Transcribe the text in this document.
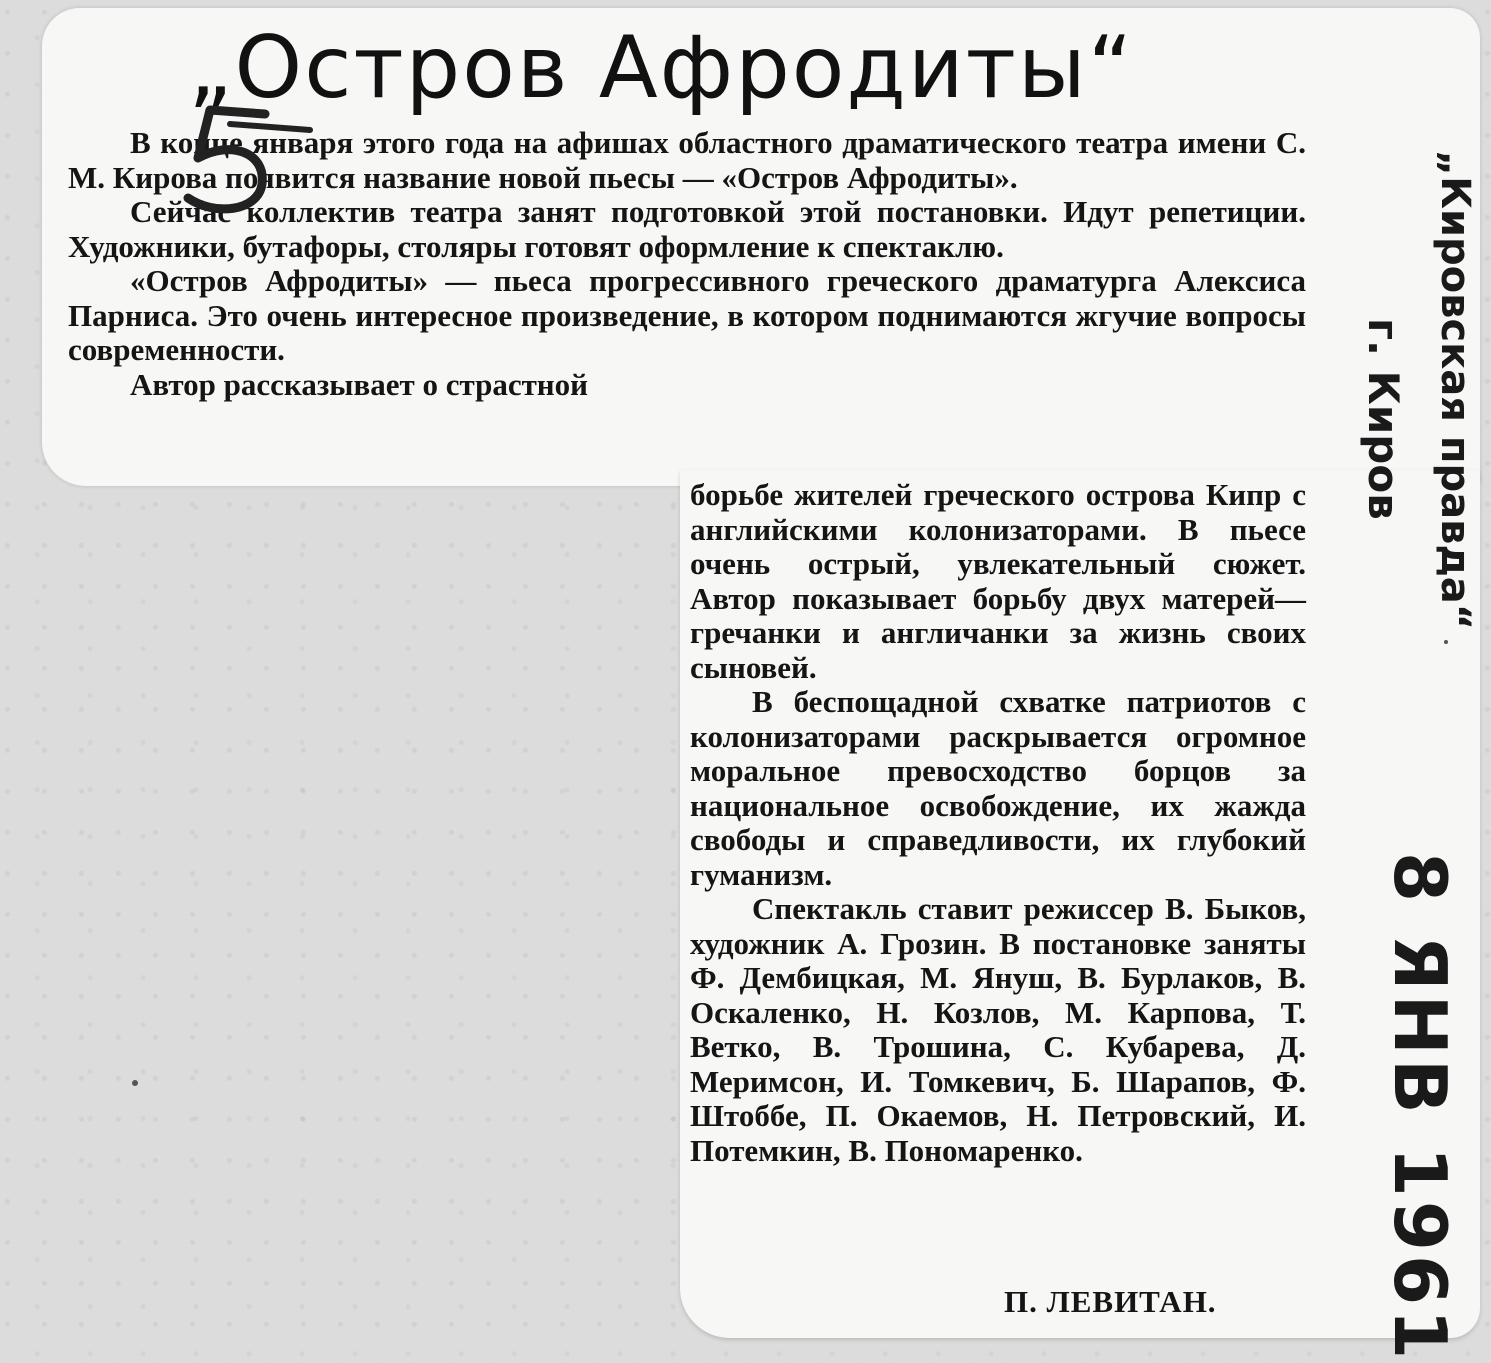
„Остров Афродиты“

В конце января этого года на афишах областного драматического театра имени С. М. Кирова появится название новой пьесы — «Остров Афродиты».

Сейчас коллектив театра занят подготовкой этой постановки. Идут репетиции. Художники, бутафоры, столяры готовят оформление к спектаклю.

«Остров Афродиты» — пьеса прогрессивного греческого драматурга Алексиса Парниса. Это очень интересное произведение, в котором поднимаются жгучие вопросы современности.

Автор рассказывает о страстной

борьбе жителей греческого острова Кипр с английскими колонизаторами. В пьесе очень острый, увлекательный сюжет. Автор показывает борьбу двух матерей—гречанки и англичанки за жизнь своих сыновей.

В беспощадной схватке патриотов с колонизаторами раскрывается огромное моральное превосходство борцов за национальное освобождение, их жажда свободы и справедливости, их глубокий гуманизм.

Спектакль ставит режиссер В. Быков, художник А. Грозин. В постановке заняты Ф. Дембицкая, М. Януш, В. Бурлаков, В. Оскаленко, Н. Козлов, М. Карпова, Т. Ветко, В. Трошина, С. Кубарева, Д. Меримсон, И. Томкевич, Б. Шарапов, Ф. Штоббе, П. Окаемов, Н. Петровский, И. Потемкин, В. Пономаренко.

П. ЛЕВИТАН.
„Кировская правда“
г. Киров
8 ЯНВ 1961
